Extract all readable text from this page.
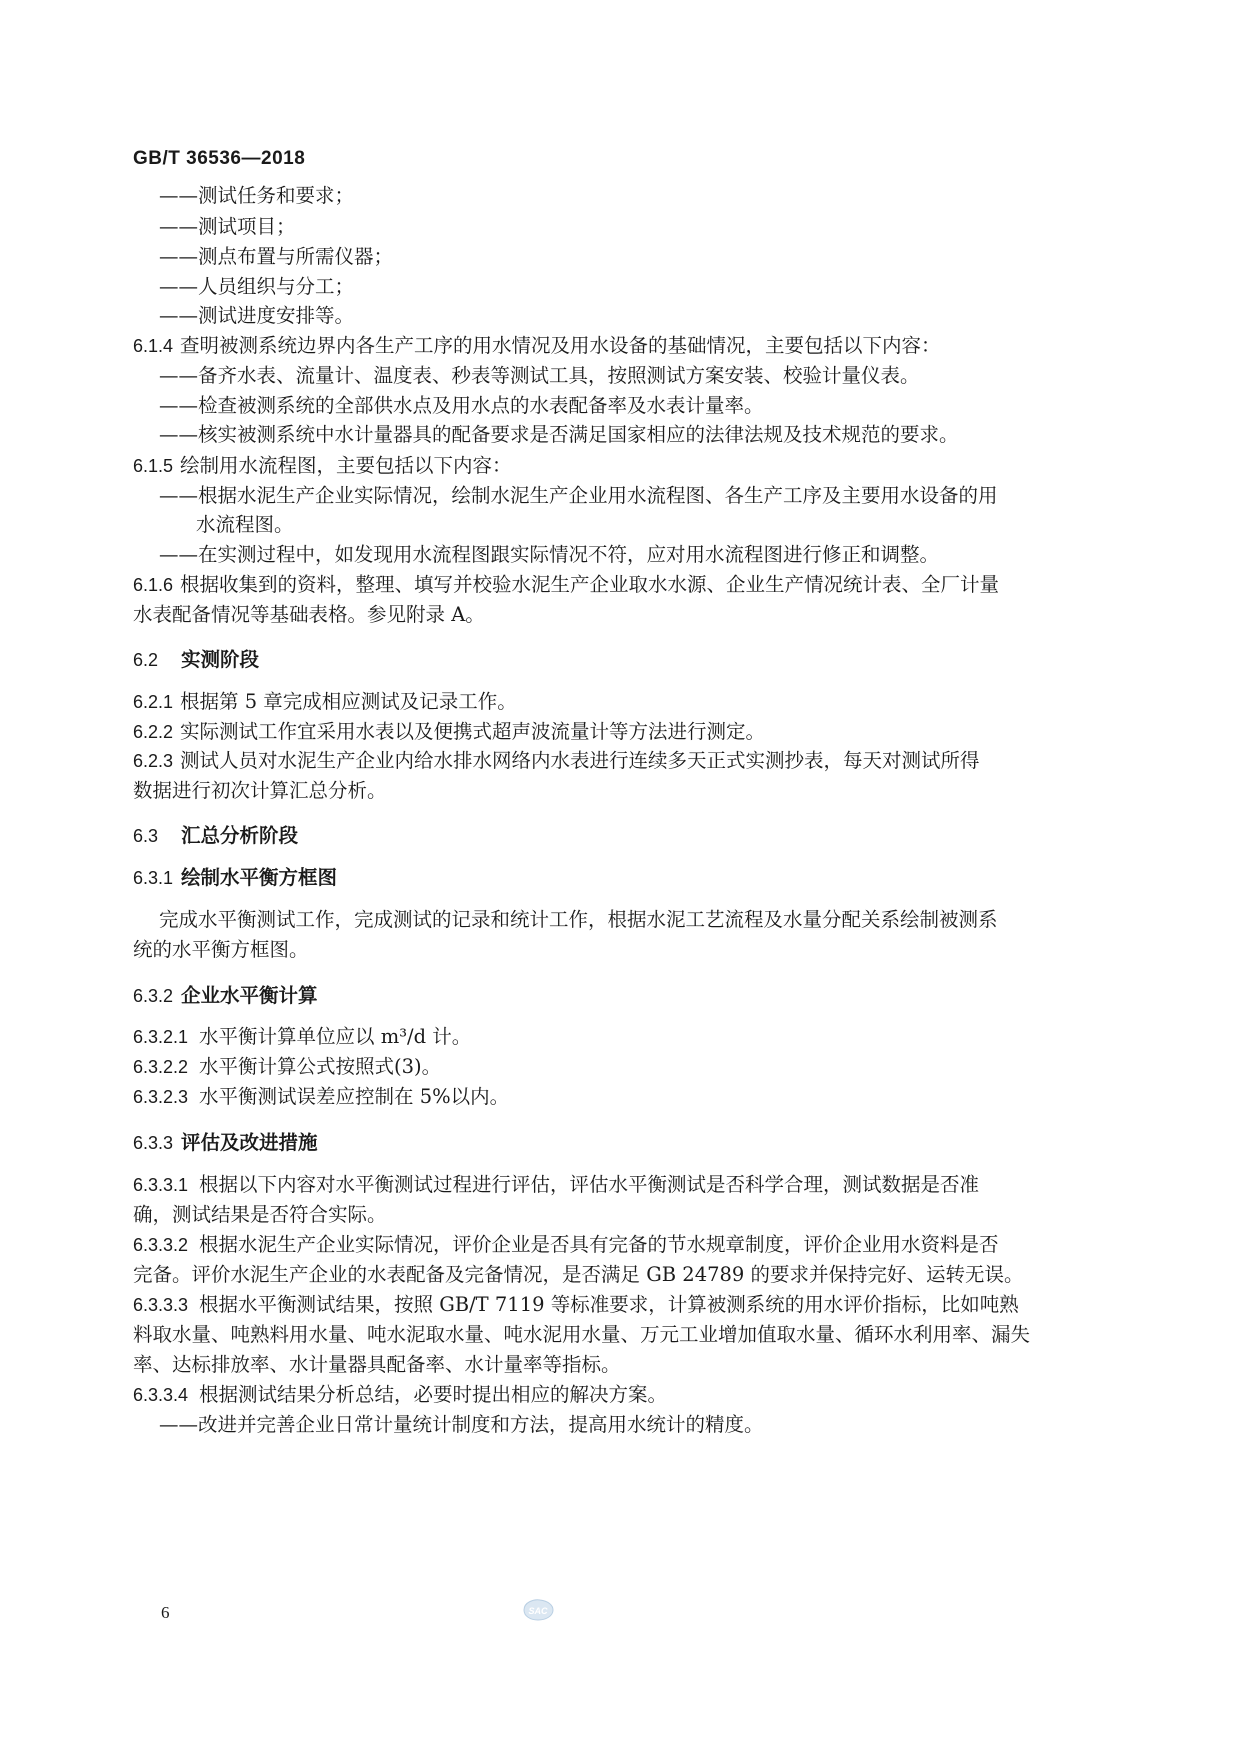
GB/T 36536—2018
——测试任务和要求；
——测试项目；
——测点布置与所需仪器；
——人员组织与分工；
——测试进度安排等。
6.1.4 查明被测系统边界内各生产工序的用水情况及用水设备的基础情况，主要包括以下内容：
——备齐水表、流量计、温度表、秒表等测试工具，按照测试方案安装、校验计量仪表。
——检查被测系统的全部供水点及用水点的水表配备率及水表计量率。
——核实被测系统中水计量器具的配备要求是否满足国家相应的法律法规及技术规范的要求。
6.1.5 绘制用水流程图，主要包括以下内容：
——根据水泥生产企业实际情况，绘制水泥生产企业用水流程图、各生产工序及主要用水设备的用
水流程图。
——在实测过程中，如发现用水流程图跟实际情况不符，应对用水流程图进行修正和调整。
6.1.6 根据收集到的资料，整理、填写并校验水泥生产企业取水水源、企业生产情况统计表、全厂计量
水表配备情况等基础表格。参见附录 A。
6.2 实测阶段
6.2.1 根据第 5 章完成相应测试及记录工作。
6.2.2 实际测试工作宜采用水表以及便携式超声波流量计等方法进行测定。
6.2.3 测试人员对水泥生产企业内给水排水网络内水表进行连续多天正式实测抄表，每天对测试所得
数据进行初次计算汇总分析。
6.3 汇总分析阶段
6.3.1 绘制水平衡方框图
完成水平衡测试工作，完成测试的记录和统计工作，根据水泥工艺流程及水量分配关系绘制被测系
统的水平衡方框图。
6.3.2 企业水平衡计算
6.3.2.1 水平衡计算单位应以 m³/d 计。
6.3.2.2 水平衡计算公式按照式(3)。
6.3.2.3 水平衡测试误差应控制在 5%以内。
6.3.3 评估及改进措施
6.3.3.1 根据以下内容对水平衡测试过程进行评估，评估水平衡测试是否科学合理，测试数据是否准
确，测试结果是否符合实际。
6.3.3.2 根据水泥生产企业实际情况，评价企业是否具有完备的节水规章制度，评价企业用水资料是否
完备。评价水泥生产企业的水表配备及完备情况，是否满足 GB 24789 的要求并保持完好、运转无误。
6.3.3.3 根据水平衡测试结果，按照 GB/T 7119 等标准要求，计算被测系统的用水评价指标，比如吨熟
料取水量、吨熟料用水量、吨水泥取水量、吨水泥用水量、万元工业增加值取水量、循环水利用率、漏失
率、达标排放率、水计量器具配备率、水计量率等指标。
6.3.3.4 根据测试结果分析总结，必要时提出相应的解决方案。
——改进并完善企业日常计量统计制度和方法，提高用水统计的精度。
6	SAC
